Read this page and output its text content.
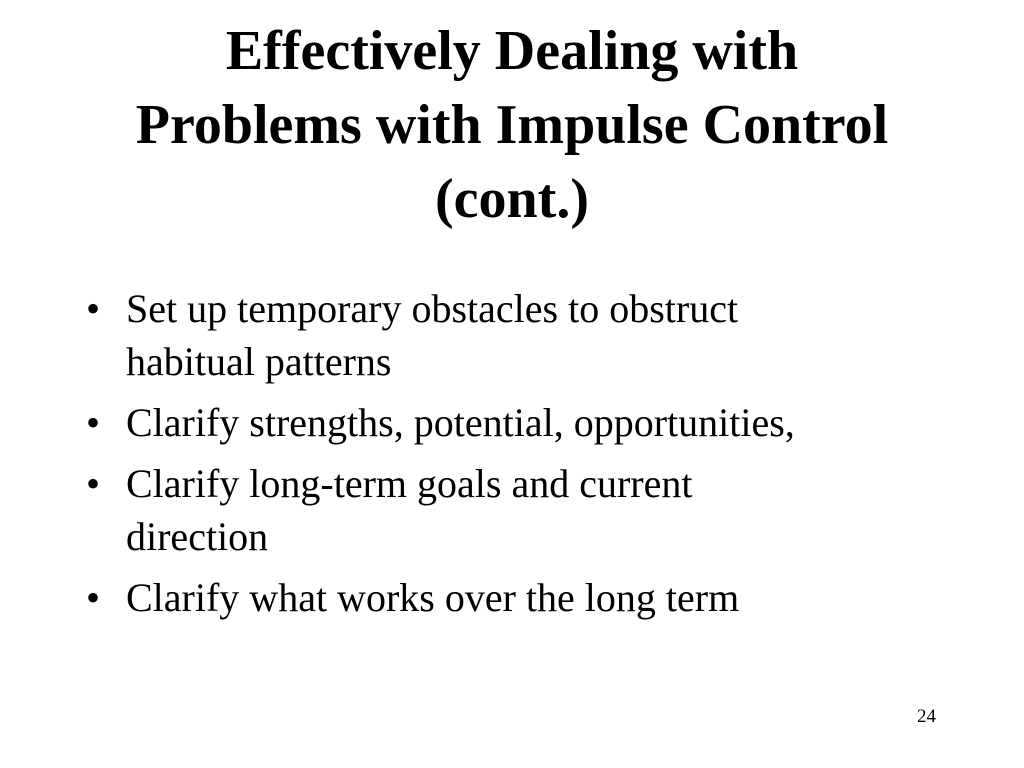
Effectively Dealing with
Problems with Impulse Control
(cont.)
• Set up temporary obstacles to obstruct
habitual patterns
• Clarify strengths, potential, opportunities,
• Clarify long-term goals and current
direction
• Clarify what works over the long term
24
